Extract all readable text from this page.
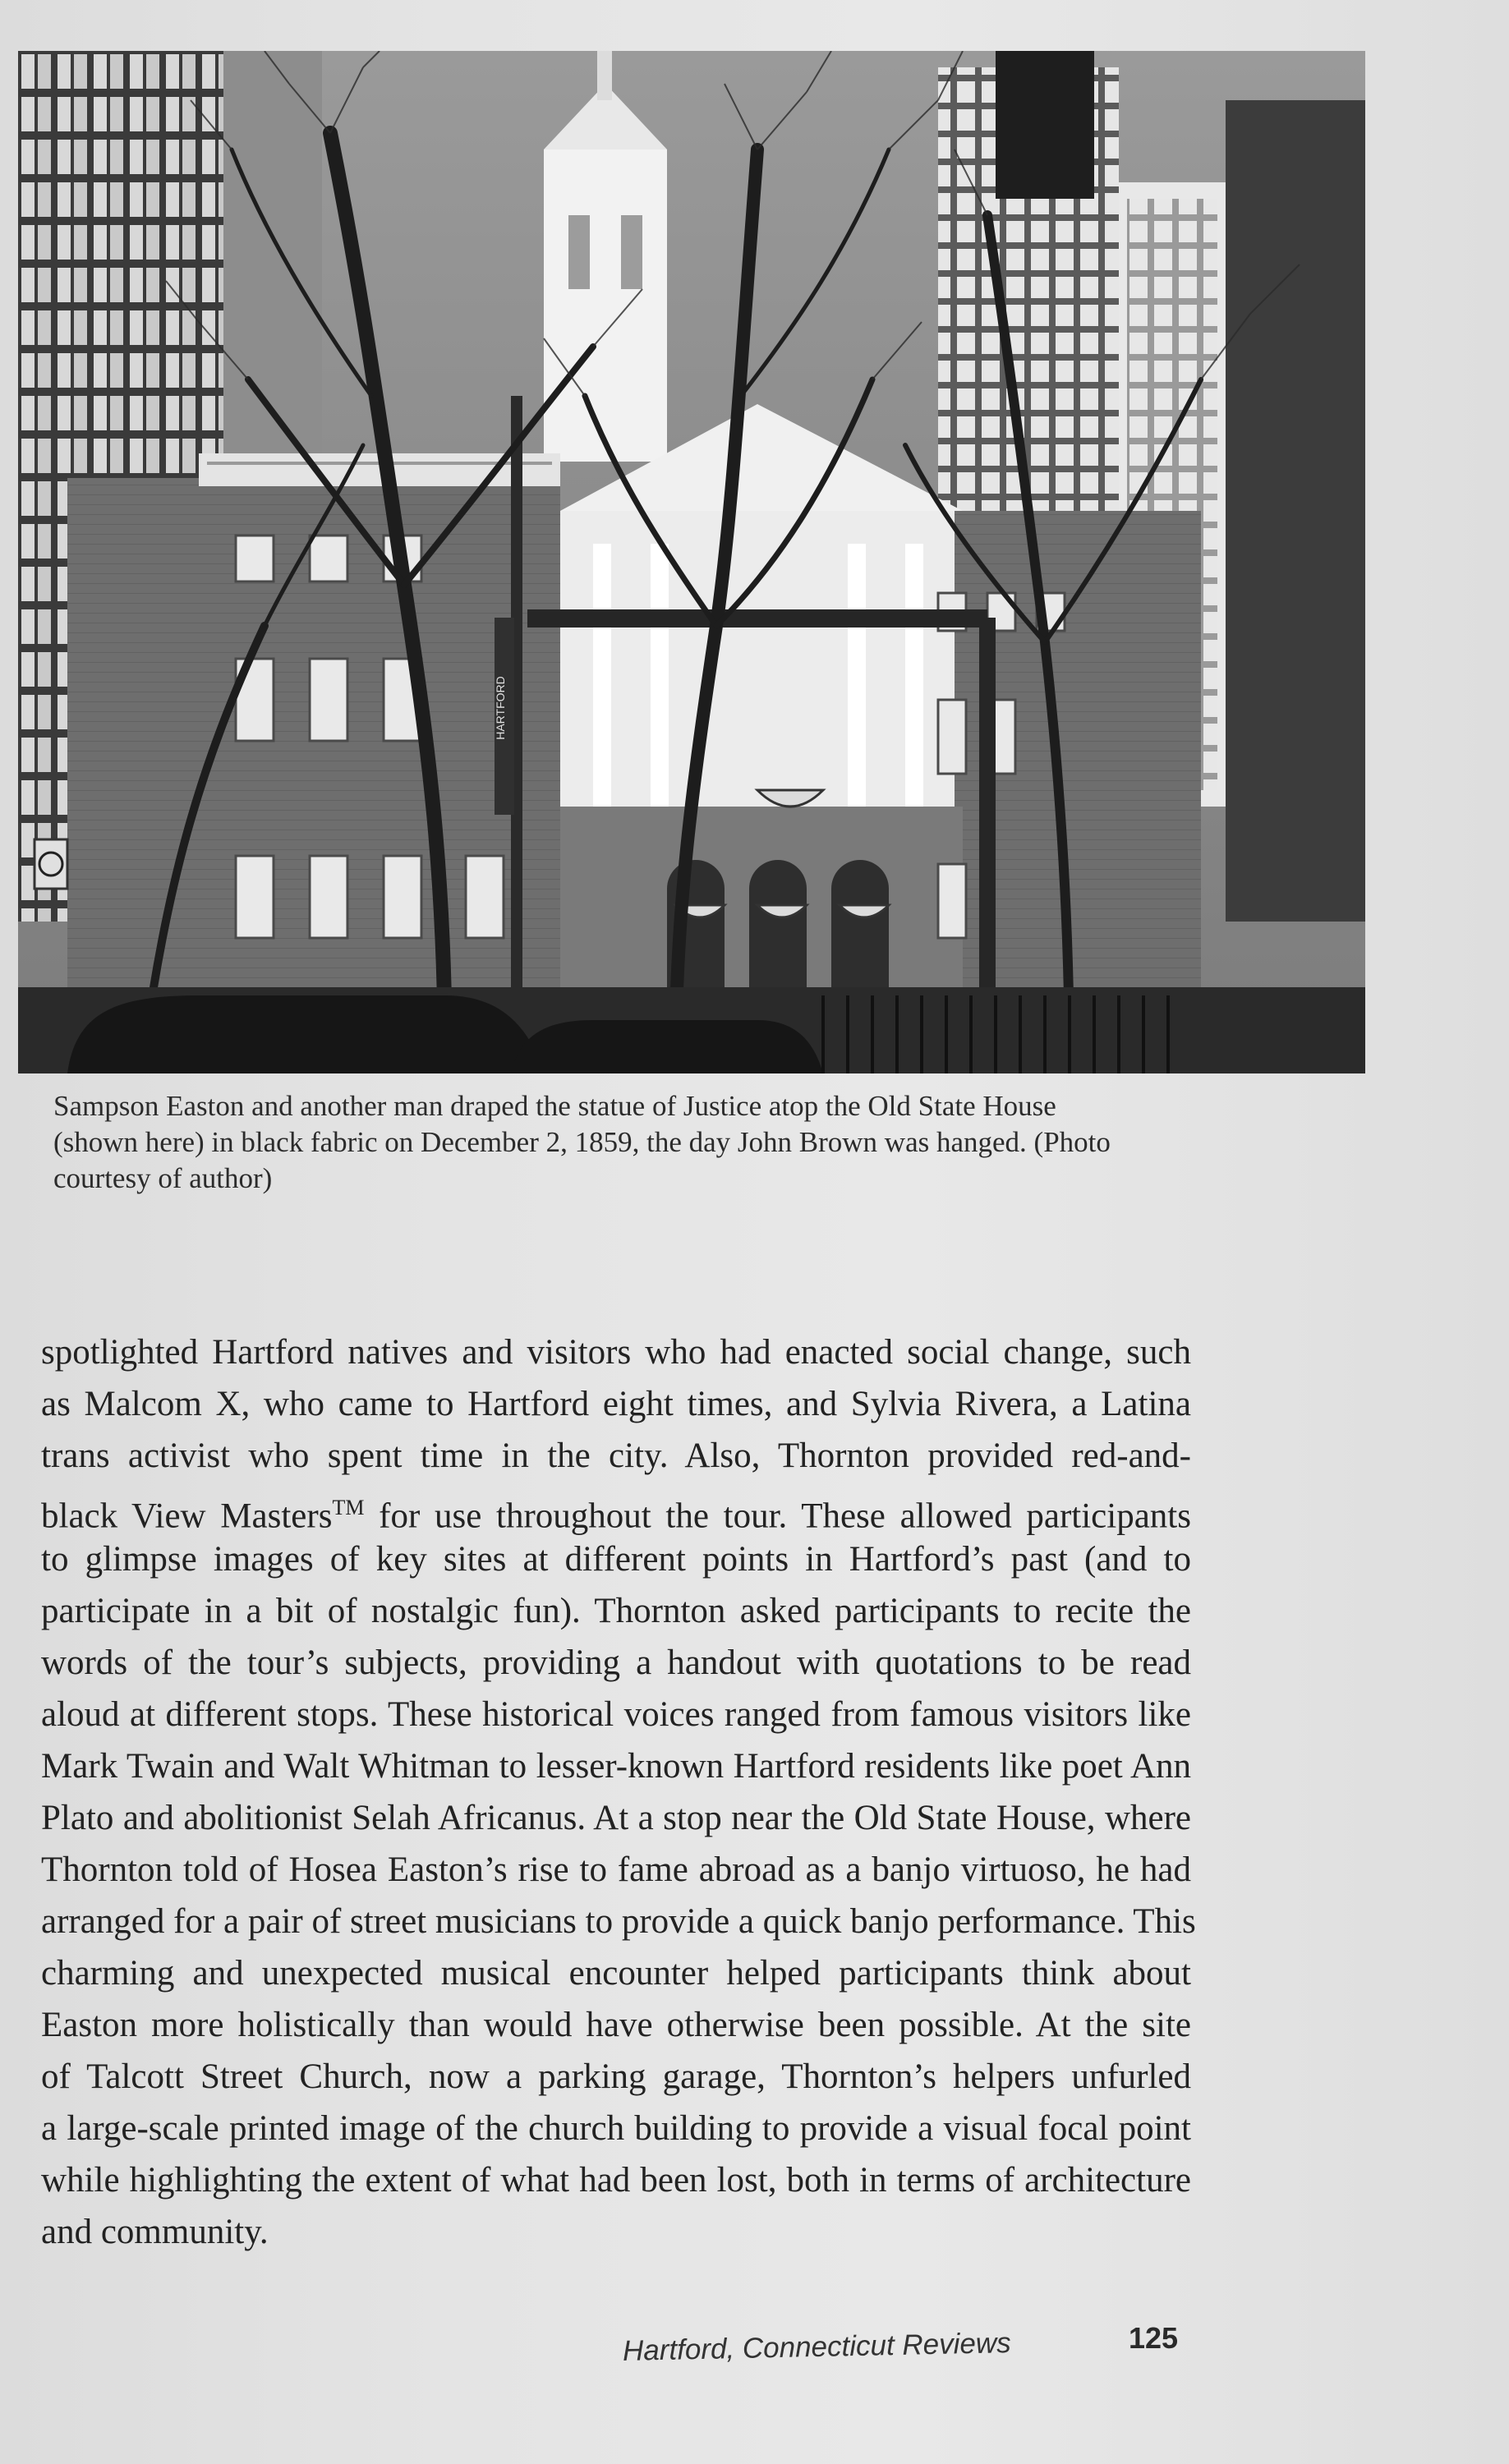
HARTFORD
Sampson Easton and another man draped the statue of Justice atop the Old State House
(shown here) in black fabric on December 2, 1859, the day John Brown was hanged. (Photo
courtesy of author)
spotlighted Hartford natives and visitors who had enacted social change, such
as Malcom X, who came to Hartford eight times, and Sylvia Rivera, a Latina
trans activist who spent time in the city. Also, Thornton provided red-and-
black View Masters™ for use throughout the tour. These allowed participants
to glimpse images of key sites at different points in Hartford’s past (and to
participate in a bit of nostalgic fun). Thornton asked participants to recite the
words of the tour’s subjects, providing a handout with quotations to be read
aloud at different stops. These historical voices ranged from famous visitors like
Mark Twain and Walt Whitman to lesser-known Hartford residents like poet Ann
Plato and abolitionist Selah Africanus. At a stop near the Old State House, where
Thornton told of Hosea Easton’s rise to fame abroad as a banjo virtuoso, he had
arranged for a pair of street musicians to provide a quick banjo performance. This
charming and unexpected musical encounter helped participants think about
Easton more holistically than would have otherwise been possible. At the site
of Talcott Street Church, now a parking garage, Thornton’s helpers unfurled
a large-scale printed image of the church building to provide a visual focal point
while highlighting the extent of what had been lost, both in terms of architecture
and community.
Hartford, Connecticut Reviews	125
